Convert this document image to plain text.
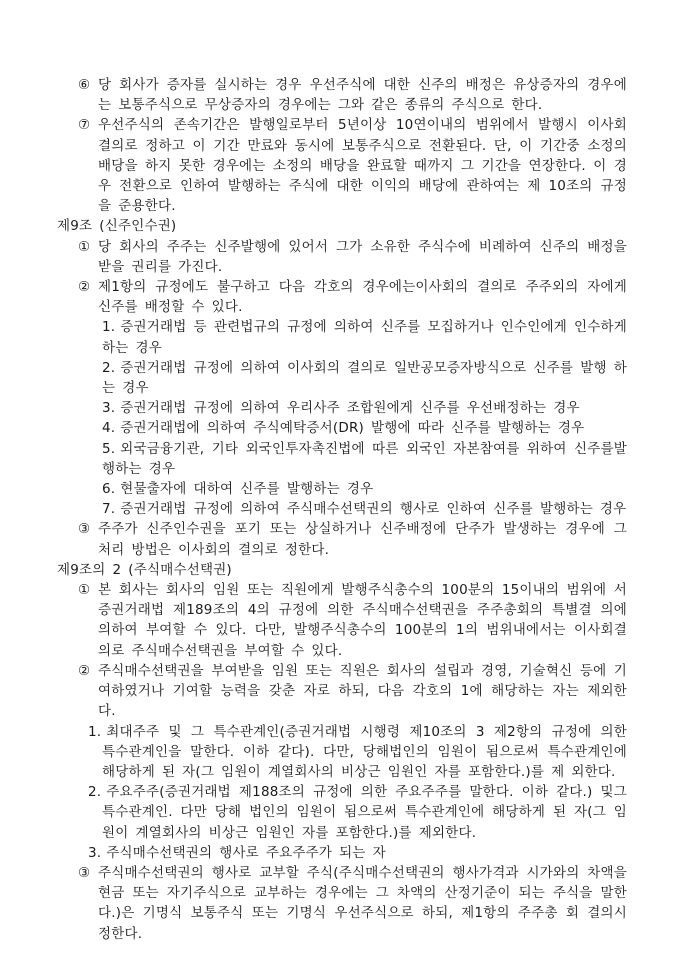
⑥ 당 회사가 증자를 실시하는 경우 우선주식에 대한 신주의 배정은 유상증자의 경우에는 보통주식으로 무상증자의 경우에는 그와 같은 종류의 주식으로 한다.
⑦ 우선주식의 존속기간은 발행일로부터 5년이상 10연이내의 범위에서 발행시 이사회 결의로 정하고 이 기간 만료와 동시에 보통주식으로 전환된다. 단, 이 기간중 소정의 배당을 하지 못한 경우에는 소정의 배당을 완료할 때까지 그 기간을 연장한다. 이 경우 전환으로 인하여 발행하는 주식에 대한 이익의 배당에 관하여는 제 10조의 규정을 준용한다.
제9조 (신주인수권)
① 당 회사의 주주는 신주발행에 있어서 그가 소유한 주식수에 비례하여 신주의 배정을 받을 권리를 가진다.
② 제1항의 규정에도 불구하고 다음 각호의 경우에는이사회의 결의로 주주외의 자에게 신주를 배정할 수 있다.
1. 증권거래법 등 관련법규의 규정에 의하여 신주를 모집하거나 인수인에게 인수하게 하는 경우
2. 증권거래법 규정에 의하여 이사회의 결의로 일반공모증자방식으로 신주를 발행 하는 경우
3. 증권거래법 규정에 의하여 우리사주 조합원에게 신주를 우선배정하는 경우
4. 증권거래법에 의하여 주식예탁증서(DR) 발행에 따라 신주를 발행하는 경우
5. 외국금융기관, 기타 외국인투자촉진법에 따른 외국인 자본참여를 위하여 신주를발행하는 경우
6. 현물출자에 대하여 신주를 발행하는 경우
7. 증권거래법 규정에 의하여 주식매수선택권의 행사로 인하여 신주를 발행하는 경우
③ 주주가 신주인수권을 포기 또는 상실하거나 신주배정에 단주가 발생하는 경우에 그 처리 방법은 이사회의 결의로 정한다.
제9조의 2 (주식매수선택권)
① 본 회사는 회사의 임원 또는 직원에게 발행주식총수의 100분의 15이내의 범위에 서 증권거래법 제189조의 4의 규정에 의한 주식매수선택권을 주주총회의 특별결 의에 의하여 부여할 수 있다. 다만, 발행주식총수의 100분의 1의 범위내에서는 이사회결의로 주식매수선택권을 부여할 수 있다.
② 주식매수선택권을 부여받을 임원 또는 직원은 회사의 설립과 경영, 기술혁신 등에 기여하였거나 기여할 능력을 갖춘 자로 하되, 다음 각호의 1에 해당하는 자는 제외한다.
1. 최대주주 및 그 특수관계인(증권거래법 시행령 제10조의 3 제2항의 규정에 의한 특수관계인을 말한다. 이하 같다). 다만, 당해법인의 임원이 됨으로써 특수관계인에 해당하게 된 자(그 임원이 계열회사의 비상근 임원인 자를 포함한다.)를 제 외한다.
2. 주요주주(증권거래법 제188조의 규정에 의한 주요주주를 말한다. 이하 같다.) 및그 특수관계인. 다만 당해 법인의 임원이 됨으로써 특수관계인에 해당하게 된 자(그 임원이 계열회사의 비상근 임원인 자를 포함한다.)를 제외한다.
3. 주식매수선택권의 행사로 주요주주가 되는 자
③ 주식매수선택권의 행사로 교부할 주식(주식매수선택권의 행사가격과 시가와의 차액을 현금 또는 자기주식으로 교부하는 경우에는 그 차액의 산정기준이 되는 주식을 말한다.)은 기명식 보통주식 또는 기명식 우선주식으로 하되, 제1항의 주주총 회 결의시 정한다.
